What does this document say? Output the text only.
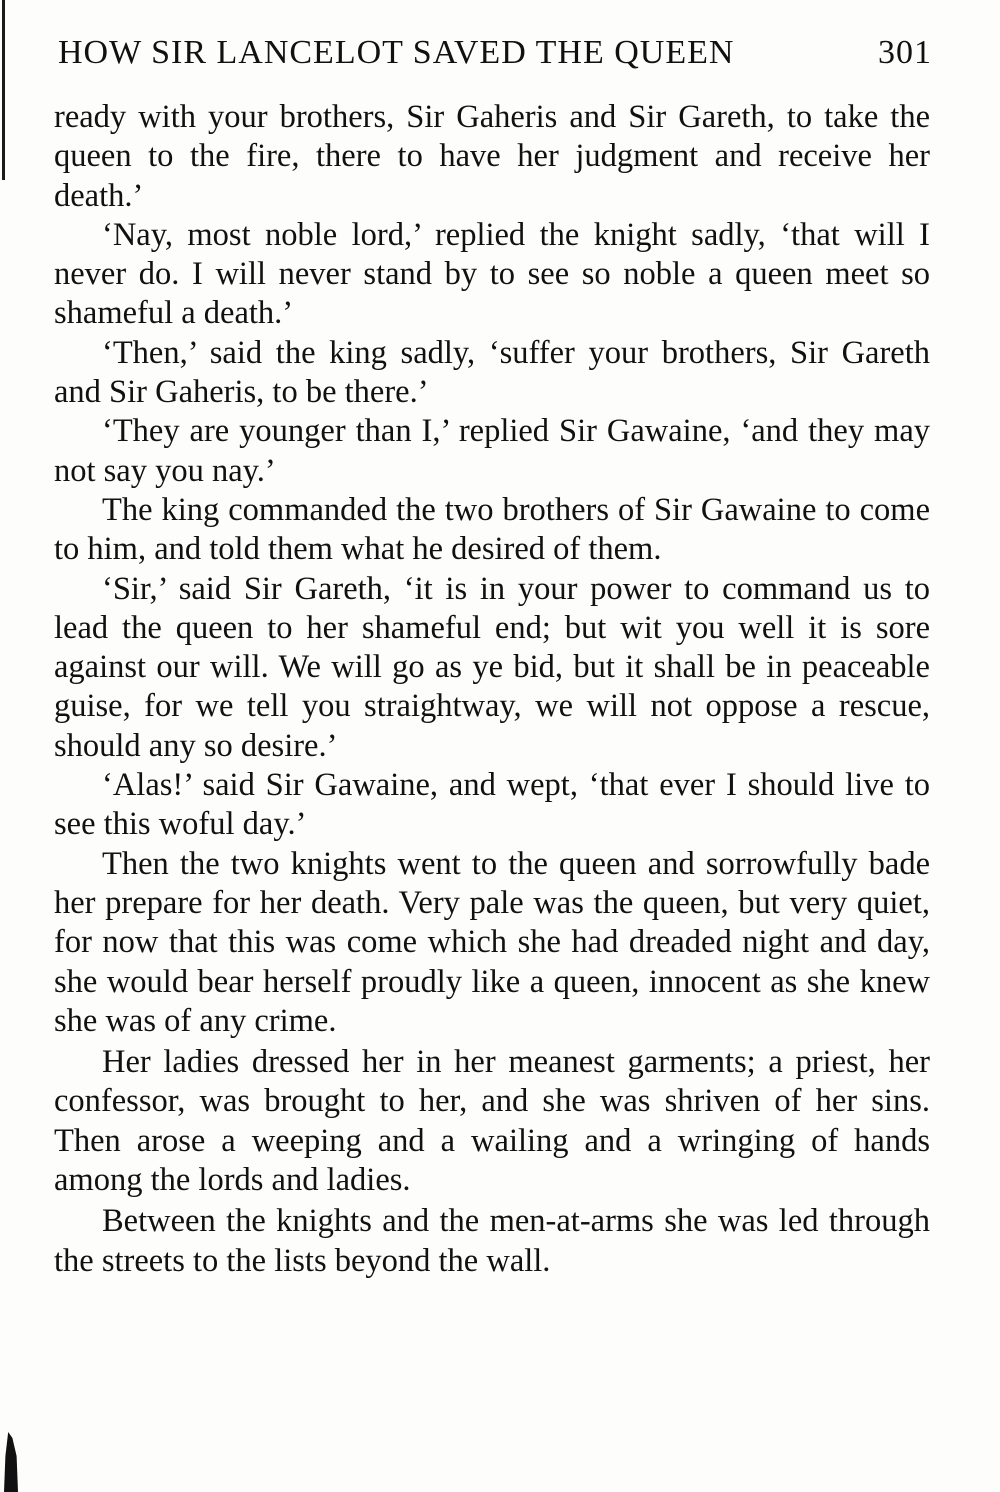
HOW SIR LANCELOT SAVED THE QUEEN	301

ready with your brothers, Sir Gaheris and Sir Gareth, to take the queen to the fire, there to have her judgment and receive her death.’

‘Nay, most noble lord,’ replied the knight sadly, ‘that will I never do. I will never stand by to see so noble a queen meet so shameful a death.’

‘Then,’ said the king sadly, ‘suffer your brothers, Sir Gareth and Sir Gaheris, to be there.’

‘They are younger than I,’ replied Sir Gawaine, ‘and they may not say you nay.’

The king commanded the two brothers of Sir Gawaine to come to him, and told them what he desired of them.

‘Sir,’ said Sir Gareth, ‘it is in your power to command us to lead the queen to her shameful end; but wit you well it is sore against our will. We will go as ye bid, but it shall be in peaceable guise, for we tell you straightway, we will not oppose a rescue, should any so desire.’

‘Alas!’ said Sir Gawaine, and wept, ‘that ever I should live to see this woful day.’

Then the two knights went to the queen and sorrowfully bade her prepare for her death. Very pale was the queen, but very quiet, for now that this was come which she had dreaded night and day, she would bear herself proudly like a queen, innocent as she knew she was of any crime.

Her ladies dressed her in her meanest garments; a priest, her confessor, was brought to her, and she was shriven of her sins. Then arose a weeping and a wailing and a wringing of hands among the lords and ladies.

Between the knights and the men-at-arms she was led through the streets to the lists beyond the wall.
